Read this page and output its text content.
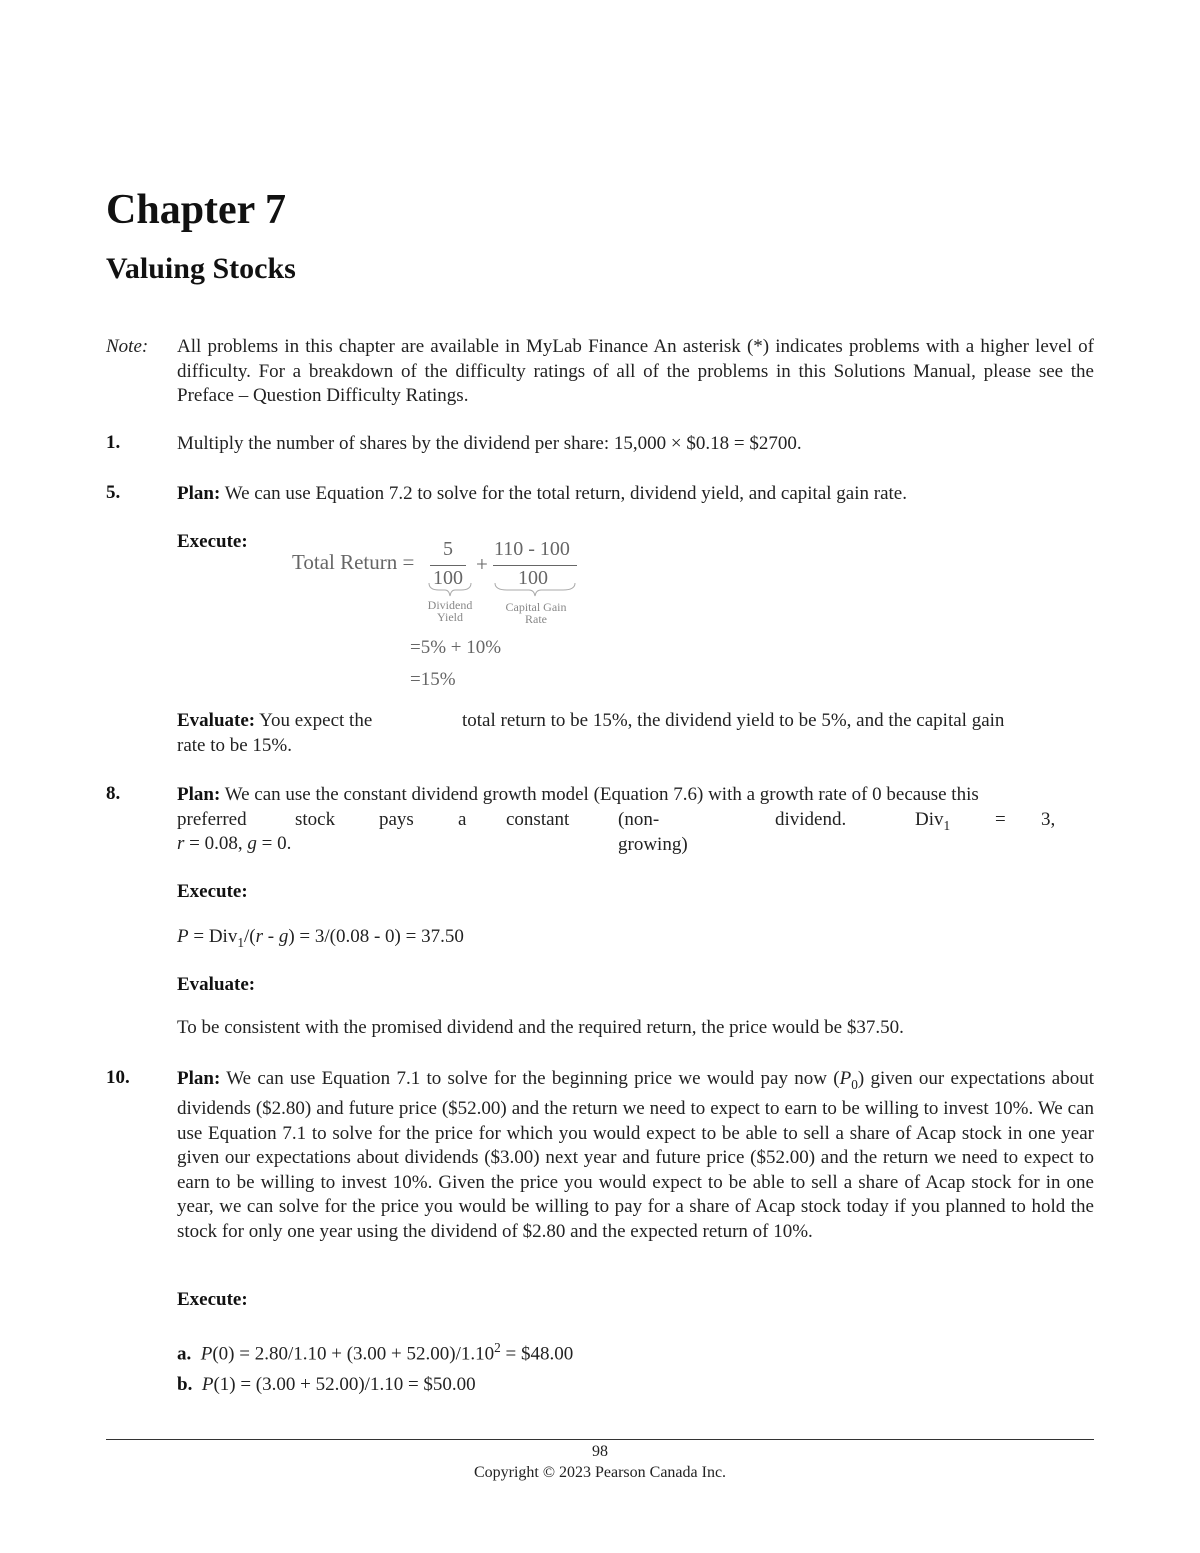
Chapter 7
Valuing Stocks
Note: All problems in this chapter are available in MyLab Finance An asterisk (*) indicates problems with a higher level of difficulty. For a breakdown of the difficulty ratings of all of the problems in this Solutions Manual, please see the Preface – Question Difficulty Ratings.
1.	Multiply the number of shares by the dividend per share: 15,000 × $0.18 = $2700.
5.	Plan: We can use Equation 7.2 to solve for the total return, dividend yield, and capital gain rate.
Execute:
Total Return =
5
100
+
110 - 100
100
Dividend
Yield
Capital Gain
Rate
=5% + 10%
=15%
Evaluate: You expect the	total return to be 15%, the dividend yield to be 5%, and the capital gain
rate to be 15%.
8.	Plan: We can use the constant dividend growth model (Equation 7.6) with a growth rate of 0 because this
preferred	stock pays a constant	(non-growing)
dividend.	Div$_1$ = 3,
r = 0.08, g = 0.
Execute:
P = Div$_1$/(r - g) = 3/(0.08 - 0) = 37.50
Evaluate:
To be consistent with the promised dividend and the required return, the price would be $37.50.
10. Plan: We can use Equation 7.1 to solve for the beginning price we would pay now $(P_0)$ given our expectations about dividends ($2.80) and future price ($52.00) and the return we need to expect to earn to be willing to invest 10%. We can use Equation 7.1 to solve for the price for which you would expect to be able to sell a share of Acap stock in one year given our expectations about dividends ($3.00) next year and future price ($52.00) and the return we need to expect to earn to be willing to invest 10%. Given the price you would expect to be able to sell a share of Acap stock for in one year, we can solve for the price you would be willing to pay for a share of Acap stock today if you planned to hold the stock for only one year using the dividend of $2.80 and the expected return of 10%.
Execute:
a. $P(0) = 2.80/1.10 + (3.00 + 52.00)/1.10^2$ = $48.00
b. P(1) = (3.00 + 52.00)/1.10 = $50.00
98
Copyright © 2023 Pearson Canada Inc.
